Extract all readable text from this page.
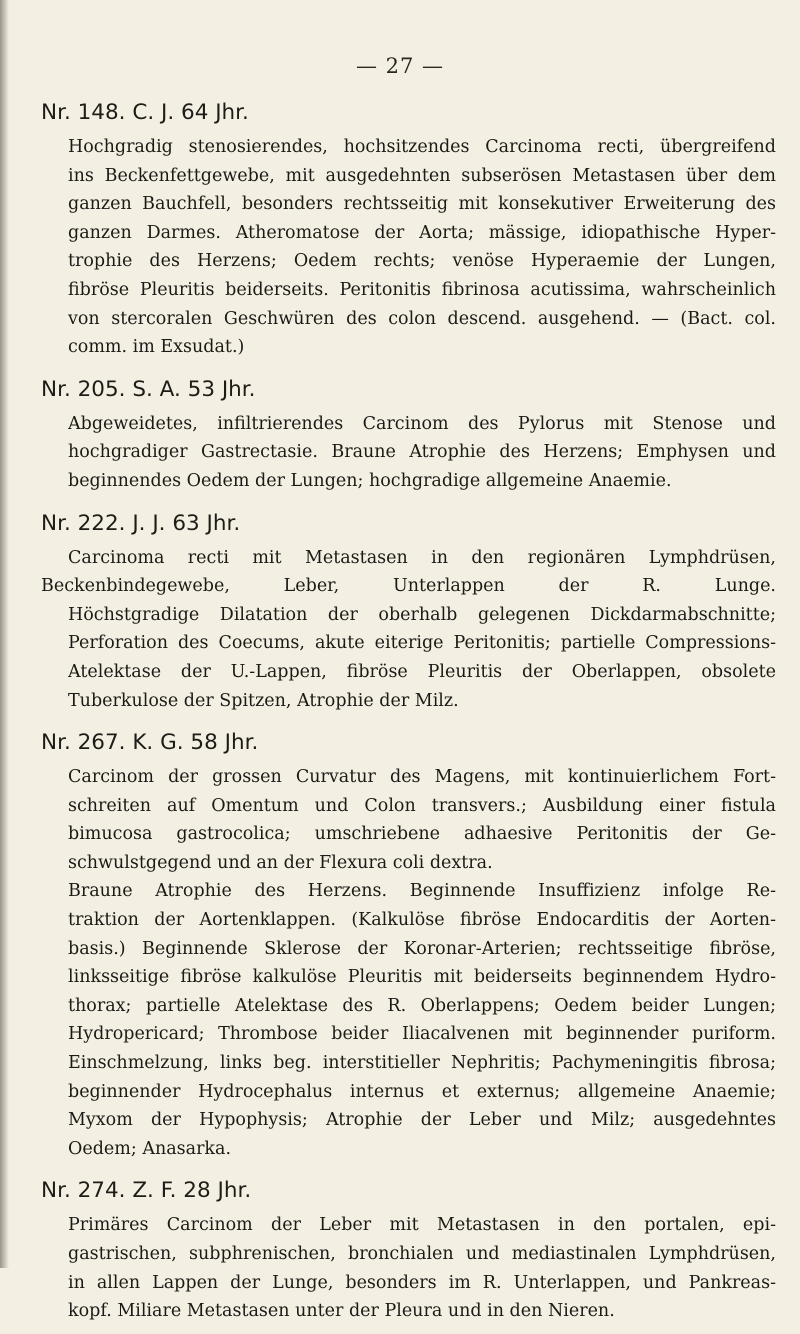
— 27 —
Nr. 148. C. J. 64 Jhr.
Hochgradig stenosierendes, hochsitzendes Carcinoma recti, übergreifend
ins Beckenfettgewebe, mit ausgedehnten subserösen Metastasen über dem
ganzen Bauchfell, besonders rechtsseitig mit konsekutiver Erweiterung des
ganzen Darmes. Atheromatose der Aorta; mässige, idiopathische Hyper-
trophie des Herzens; Oedem rechts; venöse Hyperaemie der Lungen,
fibröse Pleuritis beiderseits. Peritonitis fibrinosa acutissima, wahrscheinlich
von stercoralen Geschwüren des colon descend. ausgehend. — (Bact. col.
comm. im Exsudat.)
Nr. 205. S. A. 53 Jhr.
Abgeweidetes, infiltrierendes Carcinom des Pylorus mit Stenose und
hochgradiger Gastrectasie. Braune Atrophie des Herzens; Emphysen und
beginnendes Oedem der Lungen; hochgradige allgemeine Anaemie.
Nr. 222. J. J. 63 Jhr.
Carcinoma recti mit Metastasen in den regionären Lymphdrüsen,
Beckenbindegewebe, Leber, Unterlappen der R. Lunge.
Höchstgradige Dilatation der oberhalb gelegenen Dickdarmabschnitte;
Perforation des Coecums, akute eiterige Peritonitis; partielle Compressions-
Atelektase der U.-Lappen, fibröse Pleuritis der Oberlappen, obsolete
Tuberkulose der Spitzen, Atrophie der Milz.
Nr. 267. K. G. 58 Jhr.
Carcinom der grossen Curvatur des Magens, mit kontinuierlichem Fort-
schreiten auf Omentum und Colon transvers.; Ausbildung einer fistula
bimucosa gastrocolica; umschriebene adhaesive Peritonitis der Ge-
schwulstgegend und an der Flexura coli dextra.
Braune Atrophie des Herzens. Beginnende Insuffizienz infolge Re-
traktion der Aortenklappen. (Kalkulöse fibröse Endocarditis der Aorten-
basis.) Beginnende Sklerose der Koronar-Arterien; rechtsseitige fibröse,
linksseitige fibröse kalkulöse Pleuritis mit beiderseits beginnendem Hydro-
thorax; partielle Atelektase des R. Oberlappens; Oedem beider Lungen;
Hydropericard; Thrombose beider Iliacalvenen mit beginnender puriform.
Einschmelzung, links beg. interstitieller Nephritis; Pachymeningitis fibrosa;
beginnender Hydrocephalus internus et externus; allgemeine Anaemie;
Myxom der Hypophysis; Atrophie der Leber und Milz; ausgedehntes
Oedem; Anasarka.
Nr. 274. Z. F. 28 Jhr.
Primäres Carcinom der Leber mit Metastasen in den portalen, epi-
gastrischen, subphrenischen, bronchialen und mediastinalen Lymphdrüsen,
in allen Lappen der Lunge, besonders im R. Unterlappen, und Pankreas-
kopf. Miliare Metastasen unter der Pleura und in den Nieren.
